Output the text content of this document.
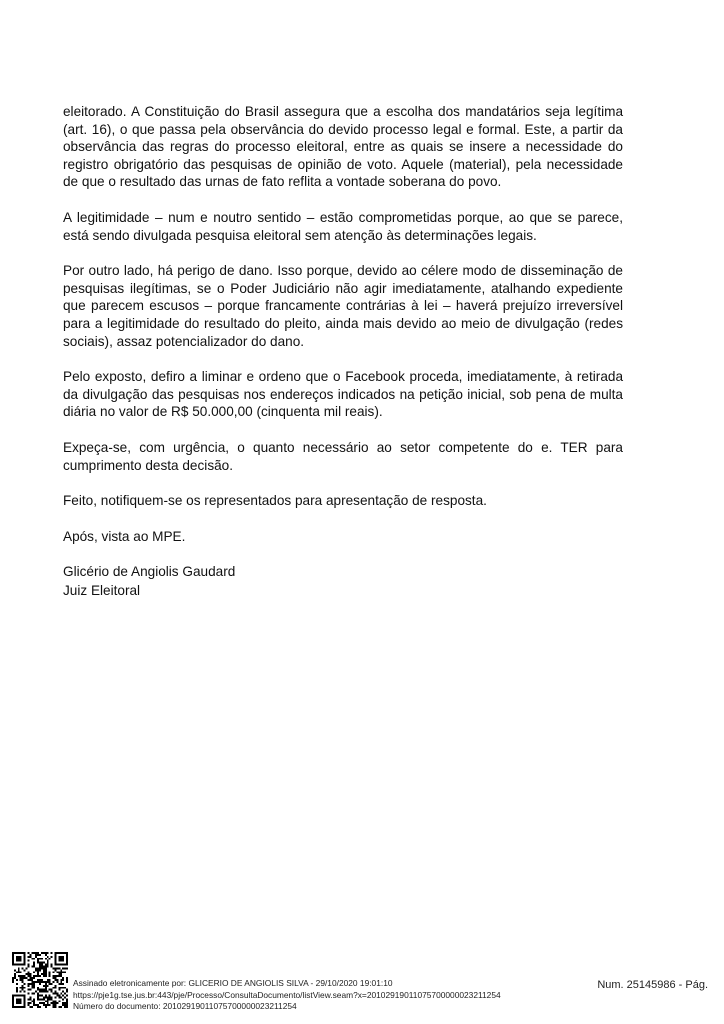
eleitorado. A Constituição do Brasil assegura que a escolha dos mandatários seja legítima (art. 16), o que passa pela observância do devido processo legal e formal. Este, a partir da observância das regras do processo eleitoral, entre as quais se insere a necessidade do registro obrigatório das pesquisas de opinião de voto. Aquele (material), pela necessidade de que o resultado das urnas de fato reflita a vontade soberana do povo.

A legitimidade – num e noutro sentido – estão comprometidas porque, ao que se parece, está sendo divulgada pesquisa eleitoral sem atenção às determinações legais.

Por outro lado, há perigo de dano. Isso porque, devido ao célere modo de disseminação de pesquisas ilegítimas, se o Poder Judiciário não agir imediatamente, atalhando expediente que parecem escusos – porque francamente contrárias à lei – haverá prejuízo irreversível para a legitimidade do resultado do pleito, ainda mais devido ao meio de divulgação (redes sociais), assaz potencializador do dano.

Pelo exposto, defiro a liminar e ordeno que o Facebook proceda, imediatamente, à retirada da divulgação das pesquisas nos endereços indicados na petição inicial, sob pena de multa diária no valor de R$ 50.000,00 (cinquenta mil reais).

Expeça-se, com urgência, o quanto necessário ao setor competente do e. TER para cumprimento desta decisão.

Feito, notifiquem-se os representados para apresentação de resposta.

Após, vista ao MPE.

Glicério de Angiolis Gaudard

Juiz Eleitoral

Assinado eletronicamente por: GLICERIO DE ANGIOLIS SILVA - 29/10/2020 19:01:10
https://pje1g.tse.jus.br:443/pje/Processo/ConsultaDocumento/listView.seam?x=20102919011075700000023211254
Número do documento: 20102919011075700000023211254
Num. 25145986 - Pág.
